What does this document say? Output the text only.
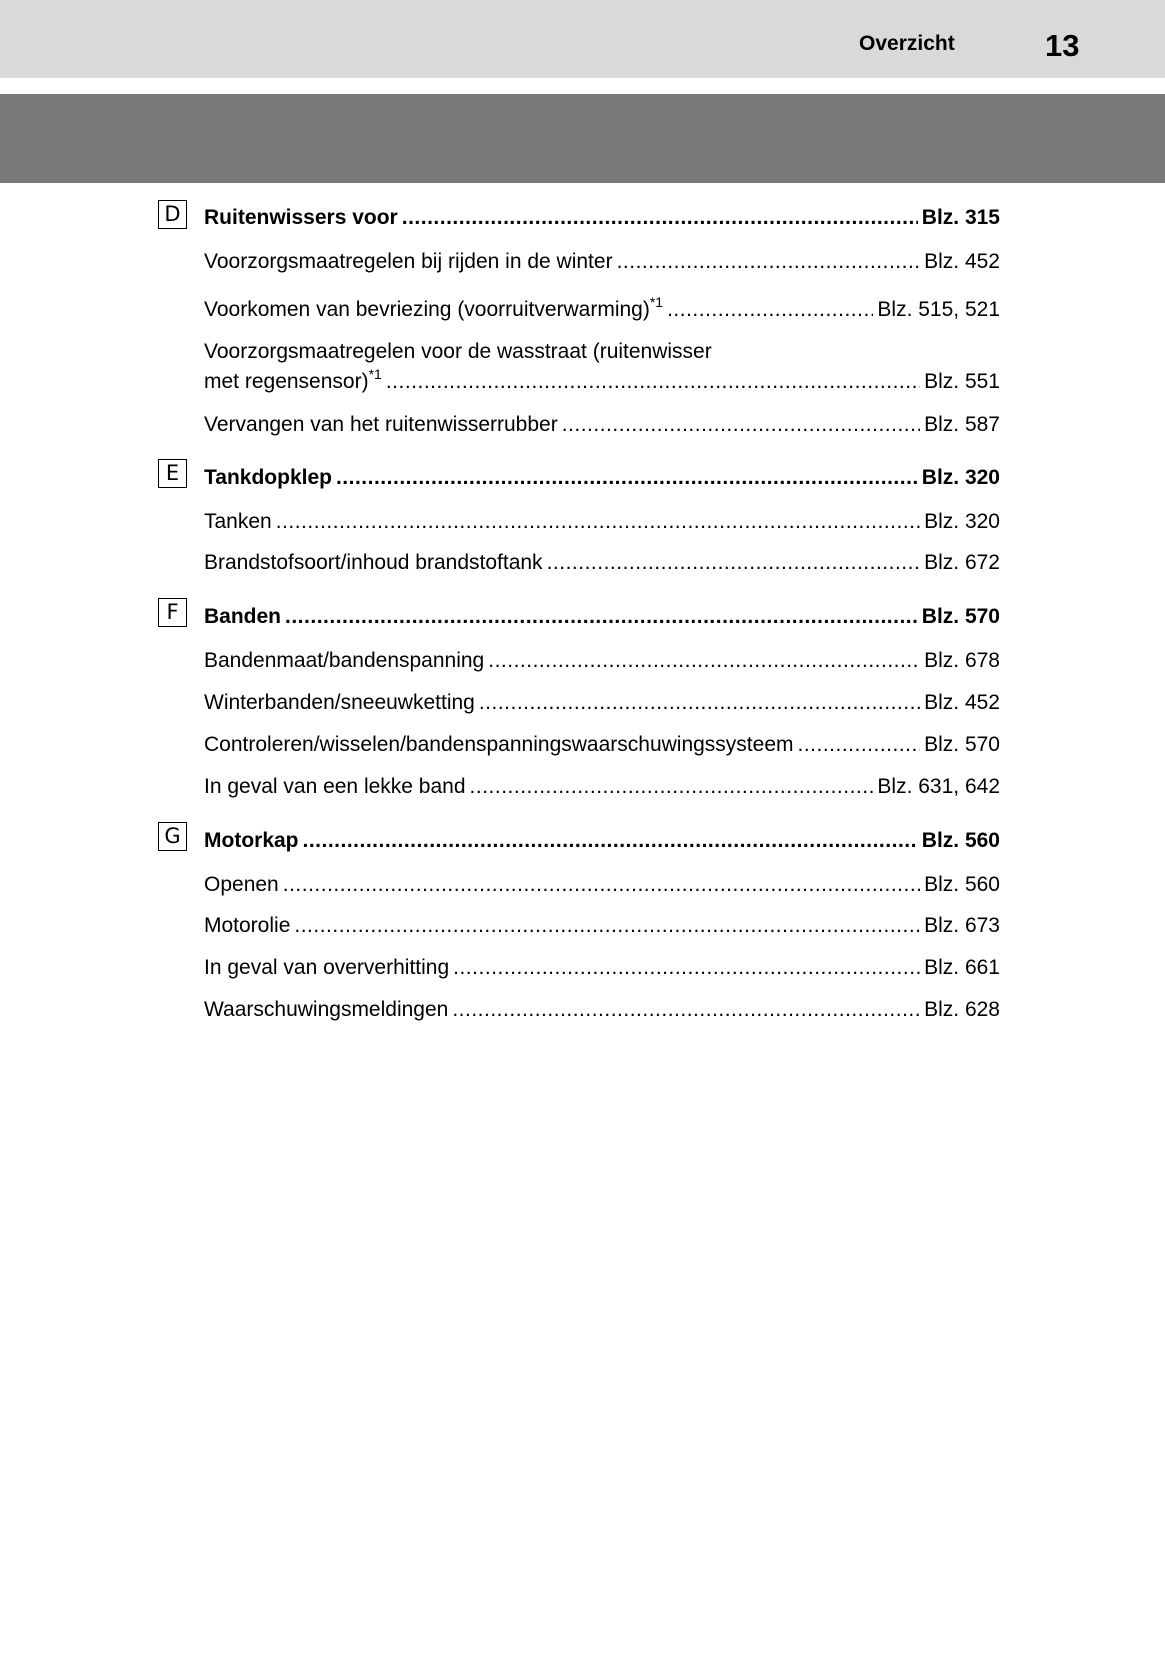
Overzicht	13
D	Ruitenwissers voor .....	Blz. 315
Voorzorgsmaatregelen bij rijden in de winter .....	Blz. 452
Voorkomen van bevriezing (voorruitverwarming)$^{*1}$ .....	Blz. 515, 521
Voorzorgsmaatregelen voor de wasstraat (ruitenwisser
met regensensor)$^{*1}$ .....	Blz. 551
Vervangen van het ruitenwisserrubber .....	Blz. 587
E	Tankdopklep .....	Blz. 320
Tanken .....	Blz. 320
Brandstofsoort/inhoud brandstoftank .....	Blz. 672
F	Banden .....	Blz. 570
Bandenmaat/bandenspanning .....	Blz. 678
Winterbanden/sneeuwketting .....	Blz. 452
Controleren/wisselen/bandenspanningswaarschuwingssysteem .....	Blz. 570
In geval van een lekke band .....	Blz. 631, 642
G	Motorkap .....	Blz. 560
Openen .....	Blz. 560
Motorolie .....	Blz. 673
In geval van oververhitting .....	Blz. 661
Waarschuwingsmeldingen .....	Blz. 628
